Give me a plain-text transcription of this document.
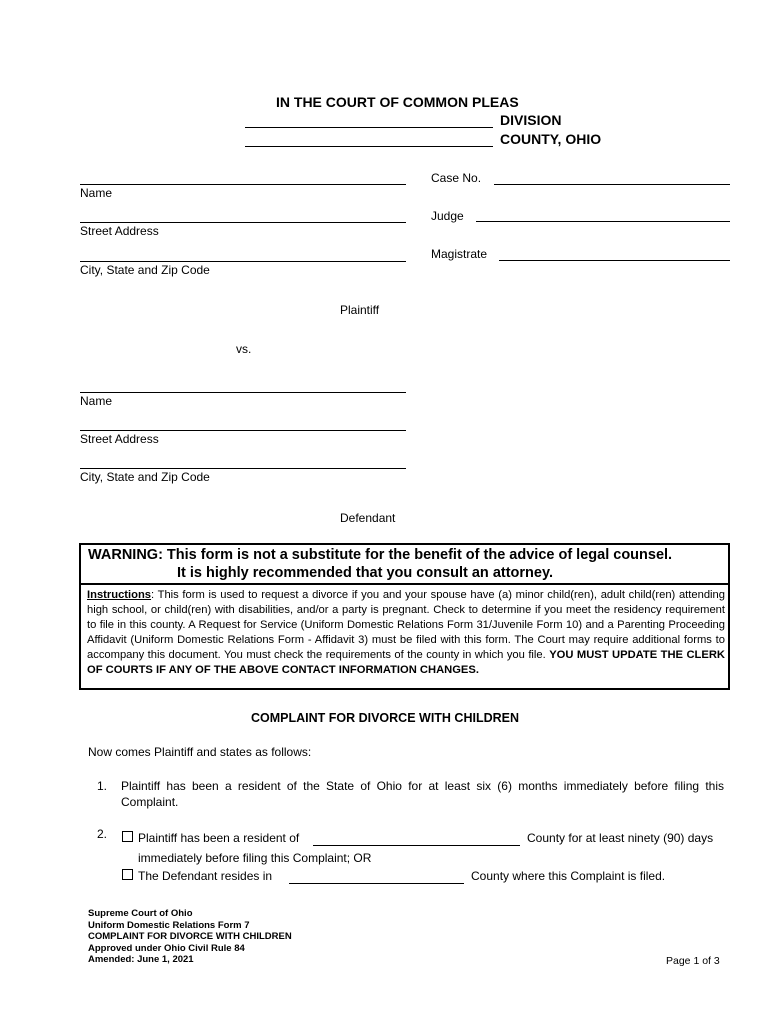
IN THE COURT OF COMMON PLEAS
DIVISION
COUNTY, OHIO
Name
Street Address
City, State and Zip Code
Plaintiff
Case No.
Judge
Magistrate
vs.
Name
Street Address
City, State and Zip Code
Defendant
WARNING: This form is not a substitute for the benefit of the advice of legal counsel.
It is highly recommended that you consult an attorney.
Instructions: This form is used to request a divorce if you and your spouse have (a) minor child(ren), adult child(ren) attending high school, or child(ren) with disabilities, and/or a party is pregnant. Check to determine if you meet the residency requirement to file in this county. A Request for Service (Uniform Domestic Relations Form 31/Juvenile Form 10) and a Parenting Proceeding Affidavit (Uniform Domestic Relations Form - Affidavit 3) must be filed with this form. The Court may require additional forms to accompany this document. You must check the requirements of the county in which you file. YOU MUST UPDATE THE CLERK OF COURTS IF ANY OF THE ABOVE CONTACT INFORMATION CHANGES.
COMPLAINT FOR DIVORCE WITH CHILDREN
Now comes Plaintiff and states as follows:
1. Plaintiff has been a resident of the State of Ohio for at least six (6) months immediately before filing this
Complaint.
2.	Plaintiff has been a resident of	County for at least ninety (90) days
immediately before filing this Complaint; OR
The Defendant resides in	County where this Complaint is filed.
Supreme Court of Ohio
Uniform Domestic Relations Form 7
COMPLAINT FOR DIVORCE WITH CHILDREN
Approved under Ohio Civil Rule 84
Amended: June 1, 2021	Page 1 of 3
